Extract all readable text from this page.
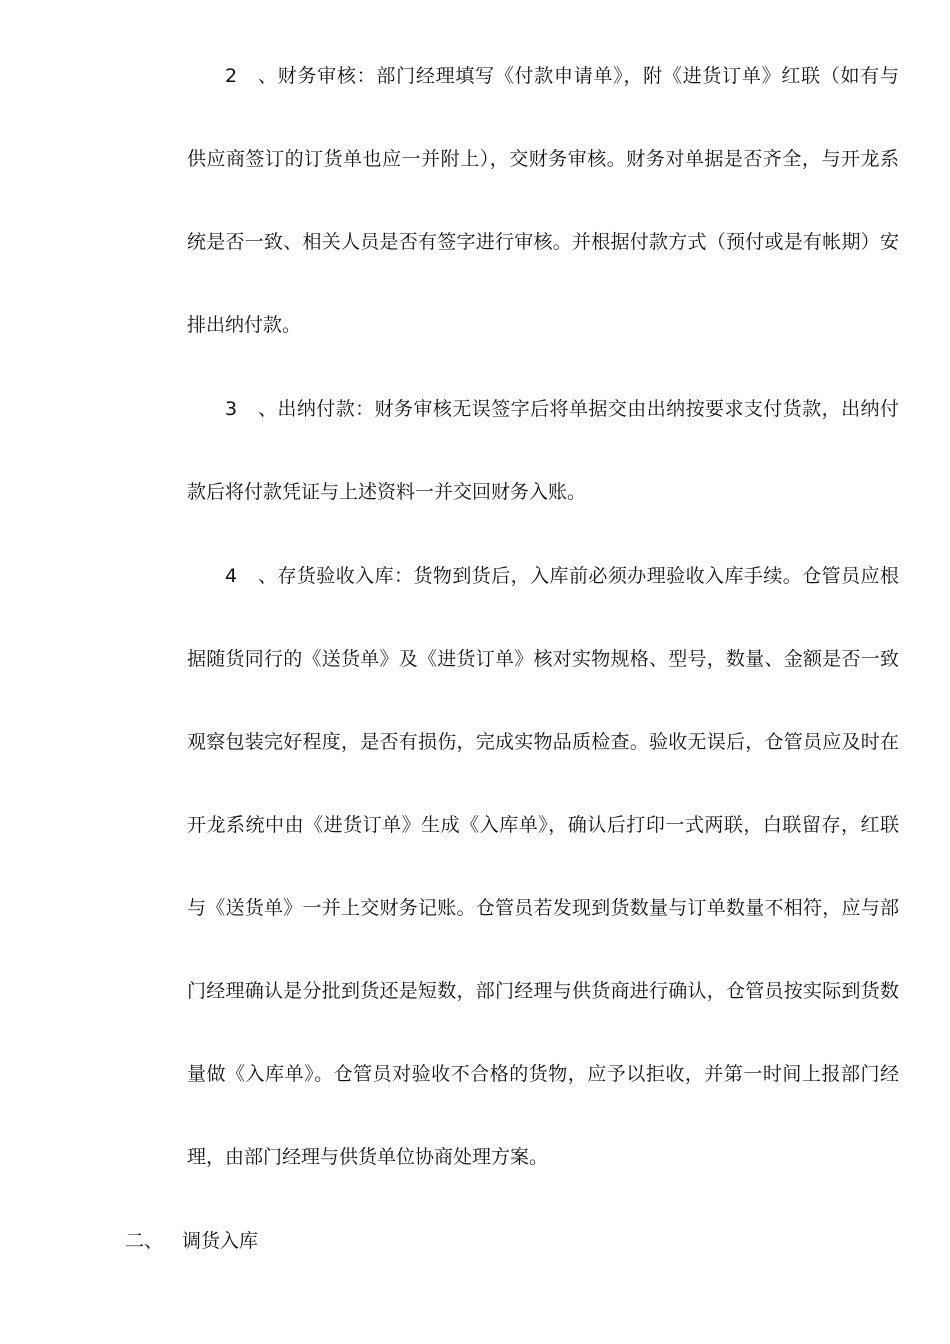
2、财务审核：部门经理填写《付款申请单》，附《进货订单》红联（如有与
供应商签订的订货单也应一并附上），交财务审核。财务对单据是否齐全，与开龙系
统是否一致、相关人员是否有签字进行审核。并根据付款方式（预付或是有帐期）安
排出纳付款。
3、出纳付款：财务审核无误签字后将单据交由出纳按要求支付货款，出纳付
款后将付款凭证与上述资料一并交回财务入账。
4、存货验收入库：货物到货后，入库前必须办理验收入库手续。仓管员应根
据随货同行的《送货单》及《进货订单》核对实物规格、型号，数量、金额是否一致
观察包装完好程度，是否有损伤，完成实物品质检查。验收无误后，仓管员应及时在
开龙系统中由《进货订单》生成《入库单》，确认后打印一式两联，白联留存，红联
与《送货单》一并上交财务记账。仓管员若发现到货数量与订单数量不相符，应与部
门经理确认是分批到货还是短数，部门经理与供货商进行确认，仓管员按实际到货数
量做《入库单》。仓管员对验收不合格的货物，应予以拒收，并第一时间上报部门经
理，由部门经理与供货单位协商处理方案。
二、 调货入库
